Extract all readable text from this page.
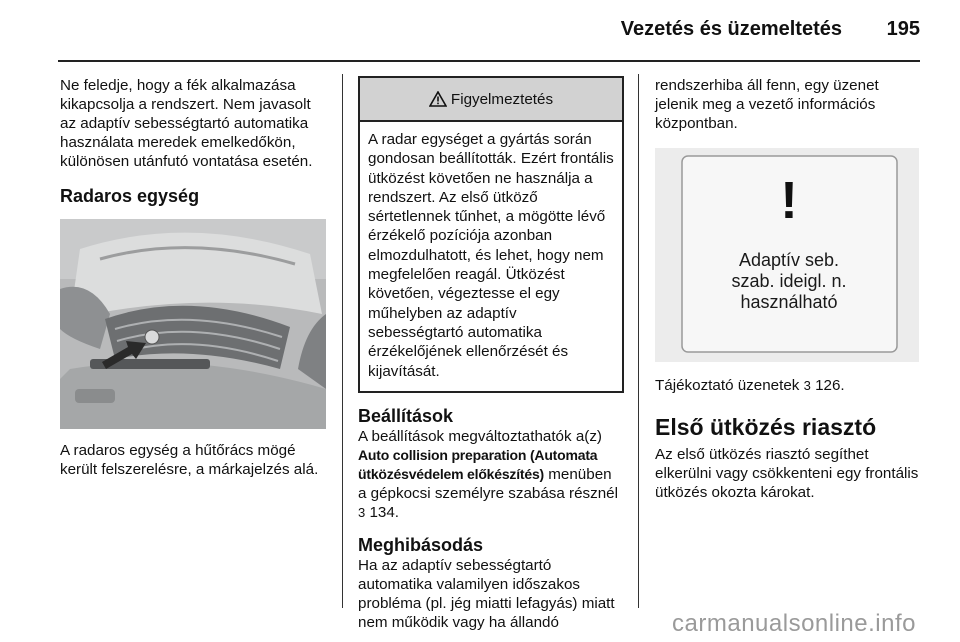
Vezetés és üzemeltetés 195

Ne feledje, hogy a fék alkalmazása kikapcsolja a rendszert. Nem javasolt az adaptív sebességtartó automatika használata meredek emelkedőkön, különösen utánfutó vontatása esetén.

Radaros egység

A radaros egység a hűtőrács mögé került felszerelésre, a márkajelzés alá.

Figyelmeztetés

A radar egységet a gyártás során gondosan beállították. Ezért frontális ütközést követően ne használja a rendszert. Az első ütköző sértetlennek tűnhet, a mögötte lévő érzékelő pozíciója azonban elmozdulhatott, és lehet, hogy nem megfelelően reagál. Ütközést követően, végeztesse el egy műhelyben az adaptív sebességtartó automatika érzékelőjének ellenőrzését és kijavítását.

Beállítások

A beállítások megváltoztathatók a(z) Auto collision preparation (Automata ütközésvédelem előkészítés) menüben a gépkocsi személyre szabása résznél 3 134.

Meghibásodás

Ha az adaptív sebességtartó automatika valamilyen időszakos probléma (pl. jég miatti lefagyás) miatt nem működik vagy ha állandó

rendszerhiba áll fenn, egy üzenet jelenik meg a vezető információs központban.

!
Adaptív seb.
szab. ideigl. n.
használható

Tájékoztató üzenetek 3 126.

Első ütközés riasztó

Az első ütközés riasztó segíthet elkerülni vagy csökkenteni egy frontális ütközés okozta károkat.

carmanualsonline.info
